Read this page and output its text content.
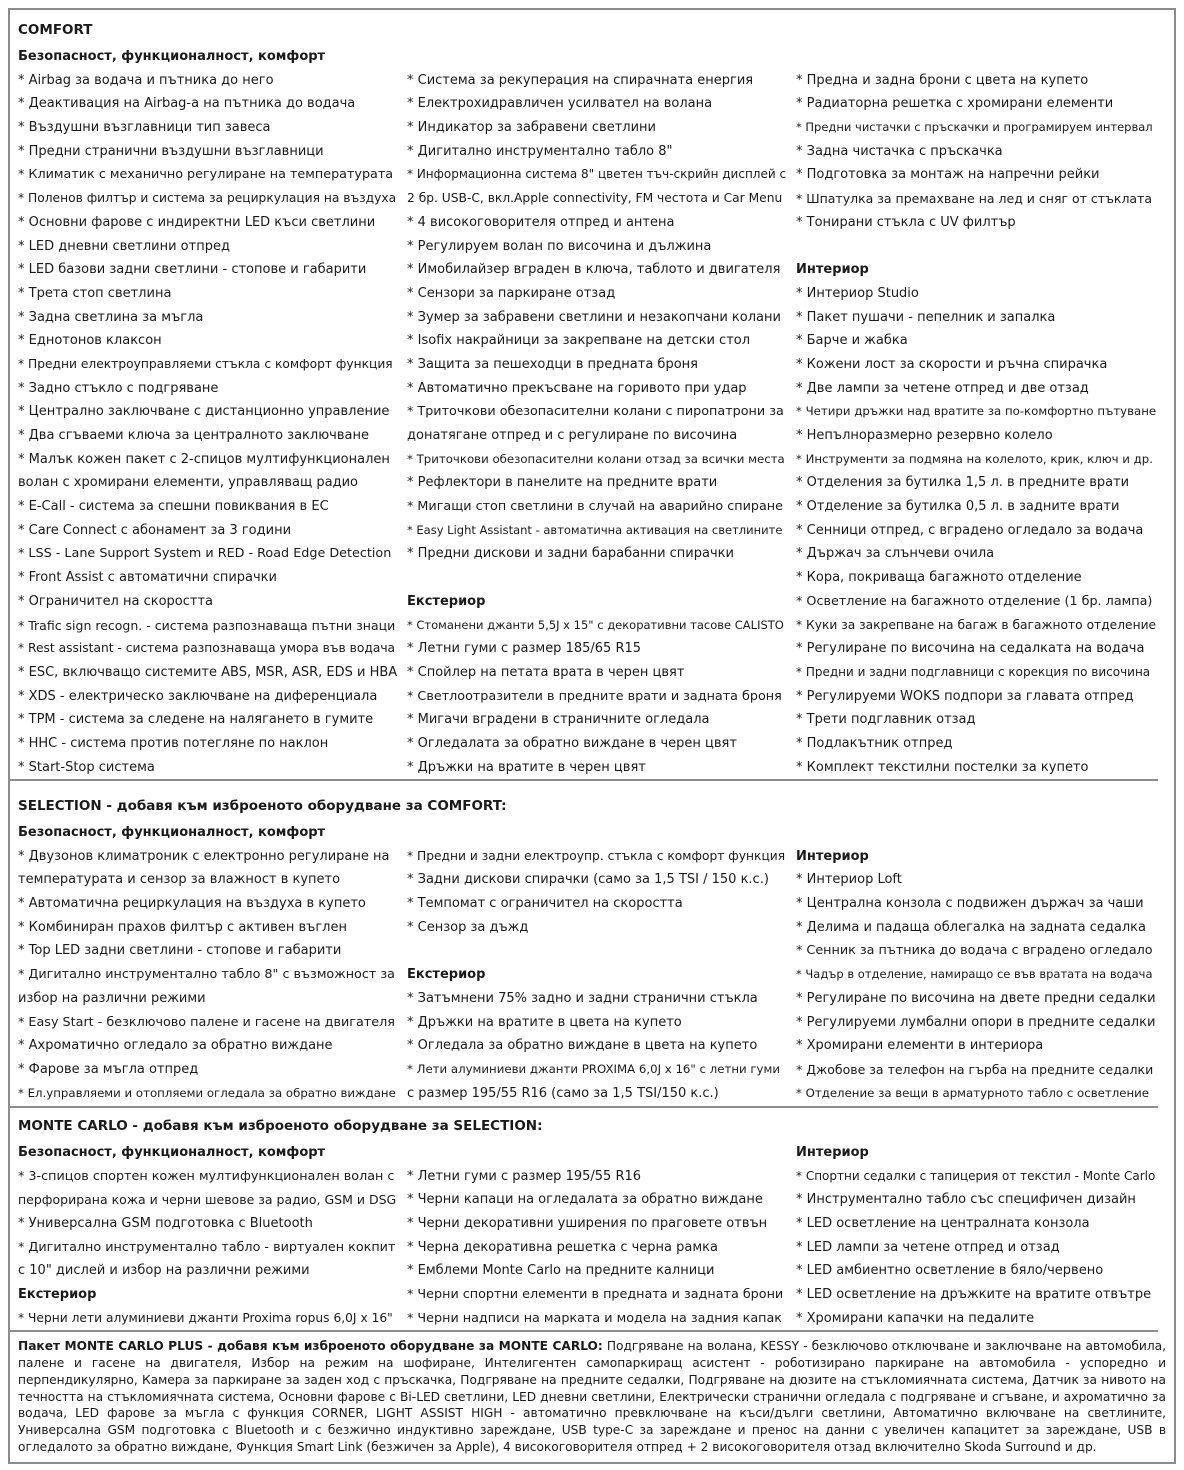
COMFORT
Безопасност, функционалност, комфорт
* Airbag за водача и пътника до него
* Деактивация на Airbag-а на пътника до водача
* Въздушни възглавници тип завеса
* Предни странични въздушни възглавници
* Климатик с механично регулиране на температурата
* Поленов филтър и система за рециркулация на въздуха
* Основни фарове с индиректни LED къси светлини
* LED дневни светлини отпред
* LED базови задни светлини - стопове и габарити
* Трета стоп светлина
* Задна светлина за мъгла
* Еднотонов клаксон
* Предни електроуправляеми стъкла с комфорт функция
* Задно стъкло с подгряване
* Централно заключване с дистанционно управление
* Два сгъваеми ключа за централното заключване
* Малък кожен пакет с 2-спицов мултифункционален
волан с хромирани елементи, управляващ радио
* E-Call - система за спешни повиквания в ЕС
* Care Connect с абонамент за 3 години
* LSS - Lane Support System и RED - Road Edge Detection
* Front Assist с автоматични спирачки
* Ограничител на скоростта
* Trafic sign recogn. - система разпознаваща пътни знаци
* Rest assistant - система разпознаваща умора във водача
* ESC, включващо системите ABS, MSR, ASR, EDS и HBA
* XDS - електрическо заключване на диференциала
* TPM - система за следене на налягането в гумите
* HHC - система против потегляне по наклон
* Start-Stop система
* Система за рекуперация на спирачната енергия
* Електрохидравличен усилвател на волана
* Индикатор за забравени светлини
* Дигитално инструментално табло 8"
* Информационна система 8" цветен тъч-скрийн дисплей с
2 бр. USB-C, вкл.Apple connectivity, FM честота и Car Menu
* 4 високоговорителя отпред и антена
* Регулируем волан по височина и дължина
* Имобилайзер вграден в ключа, таблото и двигателя
* Сензори за паркиране отзад
* Зумер за забравени светлини и незакопчани колани
* Isofix накрайници за закрепване на детски стол
* Защита за пешеходци в предната броня
* Автоматично прекъсване на горивото при удар
* Триточкови обезопасителни колани с пиропатрони за
донатягане отпред и с регулиране по височина
* Триточкови обезопасителни колани отзад за всички места
* Рефлектори в панелите на предните врати
* Мигащи стоп светлини в случай на аварийно спиране
* Easy Light Assistant - автоматична активация на светлините
* Предни дискови и задни барабанни спирачки
Екстериор
* Стоманени джанти 5,5J x 15" с декоративни тасове CALISTO
* Летни гуми с размер 185/65 R15
* Спойлер на петата врата в черен цвят
* Светлоотразители в предните врати и задната броня
* Мигачи вградени в страничните огледала
* Огледалата за обратно виждане в черен цвят
* Дръжки на вратите в черен цвят
* Предна и задна брони с цвета на купето
* Радиаторна решетка с хромирани елементи
* Предни чистачки с пръскачки и програмируем интервал
* Задна чистачка с пръскачка
* Подготовка за монтаж на напречни рейки
* Шпатулка за премахване на лед и сняг от стъклата
* Тонирани стъкла с UV филтър
Интериор
* Интериор Studio
* Пакет пушачи - пепелник и запалка
* Барче и жабка
* Кожени лост за скорости и ръчна спирачка
* Две лампи за четене отпред и две отзад
* Четири дръжки над вратите за по-комфортно пътуване
* Непълноразмерно резервно колело
* Инструменти за подмяна на колелото, крик, ключ и др.
* Отделения за бутилка 1,5 л. в предните врати
* Отделение за бутилка 0,5 л. в задните врати
* Сенници отпред, с вградено огледало за водача
* Държач за слънчеви очила
* Кора, покриваща багажното отделение
* Осветление на багажното отделение (1 бр. лампа)
* Куки за закрепване на багаж в багажното отделение
* Регулиране по височина на седалката на водача
* Предни и задни подглавници с корекция по височина
* Регулируеми WOKS подпори за главата отпред
* Трети подглавник отзад
* Подлакътник отпред
* Комплект текстилни постелки за купето
SELECTION - добавя към изброеното оборудване за COMFORT:
Безопасност, функционалност, комфорт
* Двузонов климатроник с електронно регулиране на
температурата и сензор за влажност в купето
* Автоматична рециркулация на въздуха в купето
* Комбиниран прахов филтър с активен въглен
* Top LED задни светлини - стопове и габарити
* Дигитално инструментално табло 8" с възможност за
избор на различни режими
* Easy Start - безключово палене и гасене на двигателя
* Ахроматично огледало за обратно виждане
* Фарове за мъгла отпред
* Ел.управляеми и отопляеми огледала за обратно виждане
* Предни и задни електроупр. стъкла с комфорт функция
* Задни дискови спирачки (само за 1,5 TSI / 150 к.с.)
* Темпомат с ограничител на скоростта
* Сензор за дъжд
Екстериор
* Затъмнени 75% задно и задни странични стъкла
* Дръжки на вратите в цвета на купето
* Огледала за обратно виждане в цвета на купето
* Лети алуминиеви джанти PROXIMA 6,0J x 16" с летни гуми
с размер 195/55 R16 (само за 1,5 TSI/150 к.с.)
Интериор
* Интериор Loft
* Централна конзола с подвижен държач за чаши
* Делима и падаща облегалка на задната седалка
* Сенник за пътника до водача с вградено огледало
* Чадър в отделение, намиращо се във вратата на водача
* Регулиране по височина на двете предни седалки
* Регулируеми лумбални опори в предните седалки
* Хромирани елементи в интериора
* Джобове за телефон на гърба на предните седалки
* Отделение за вещи в арматурното табло с осветление
MONTE CARLO - добавя към изброеното оборудване за SELECTION:
Безопасност, функционалност, комфорт
* 3-спицов спортен кожен мултифункционален волан с
перфорирана кожа и черни шевове за радио, GSM и DSG
* Универсална GSM подготовка с Bluetooth
* Дигитално инструментално табло - виртуален кокпит
с 10" дислей и избор на различни режими
Екстериор
* Черни лети алуминиеви джанти Proxima ropus 6,0J x 16"
* Летни гуми с размер 195/55 R16
* Черни капаци на огледалата за обратно виждане
* Черни декоративни уширения по праговете отвън
* Черна декоративна решетка с черна рамка
* Емблеми Monte Carlo на предните калници
* Черни спортни елементи в предната и задната брони
* Черни надписи на марката и модела на задния капак
Интериор
* Спортни седалки с тапицерия от текстил - Monte Carlo
* Инструментално табло със специфичен дизайн
* LED осветление на централната конзола
* LED лампи за четене отпред и отзад
* LED амбиентно осветление в бяло/червено
* LED осветление на дръжките на вратите отвътре
* Хромирани капачки на педалите
Пакет MONTE CARLO PLUS - добавя към изброеното оборудване за MONTE CARLO: Подгряване на волана, KESSY - безключово отключване и заключване на автомобила, палене и гасене на двигателя, Избор на режим на шофиране, Интелигентен самопаркиращ асистент - роботизирано паркиране на автомобила - успоредно и перпендикулярно, Камера за паркиране за заден ход с пръскачка, Подгряване на предните седалки, Подгряване на дюзите на стъкломиячната система, Датчик за нивото на течността на стъкломиячната система, Основни фарове с Bi-LED светлини, LED дневни светлини, Електрически странични огледала с подгряване и сгъване, и ахроматично за водача, LED фарове за мъгла с функция CORNER, LIGHT ASSIST HIGH - автоматично превключване на къси/дълги светлини, Автоматично включване на светлините, Универсална GSM подготовка с Bluetooth и с безжично индуктивно зареждане, USB type-C за зареждане и пренос на данни с увеличен капацитет за зареждане, USB в огледалото за обратно виждане, Функция Smart Link (безжичен за Apple), 4 високоговорителя отпред + 2 високоговорителя отзад включително Skoda Surround и др.
